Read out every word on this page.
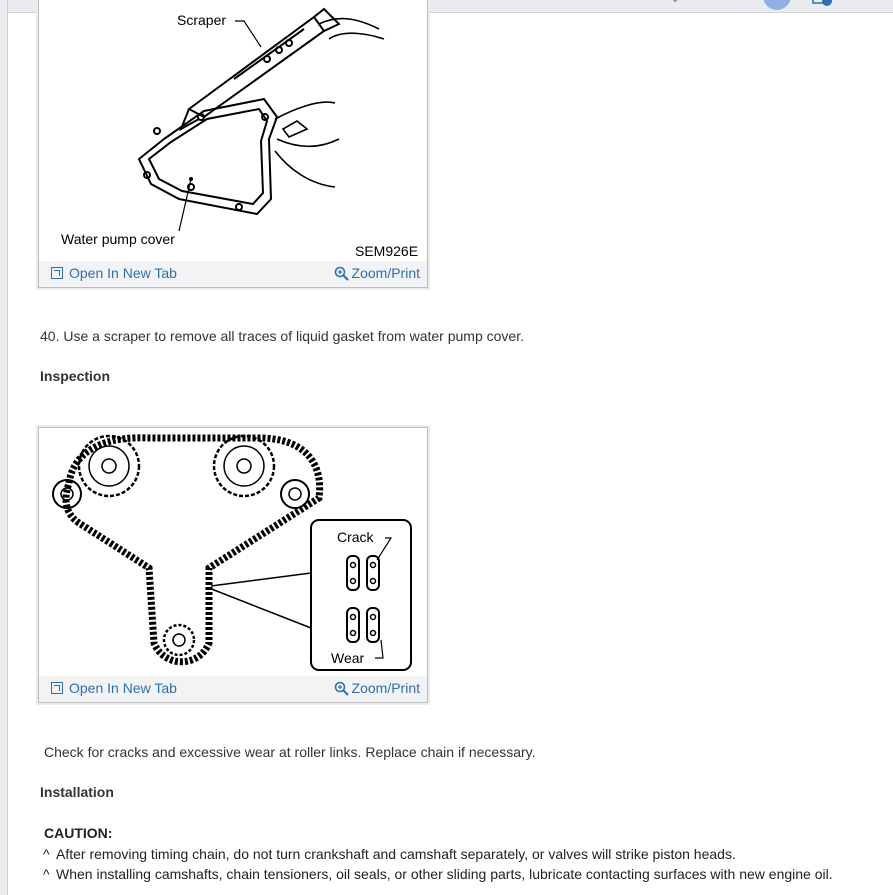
Scraper
Water pump cover
SEM926E
Open In New Tab	Zoom/Print
40. Use a scraper to remove all traces of liquid gasket from water pump cover.
Inspection
Crack
Wear
Open In New Tab	Zoom/Print
Check for cracks and excessive wear at roller links. Replace chain if necessary.
Installation
CAUTION:
^ After removing timing chain, do not turn crankshaft and camshaft separately, or valves will strike piston heads.
^ When installing camshafts, chain tensioners, oil seals, or other sliding parts, lubricate contacting surfaces with new engine oil.
